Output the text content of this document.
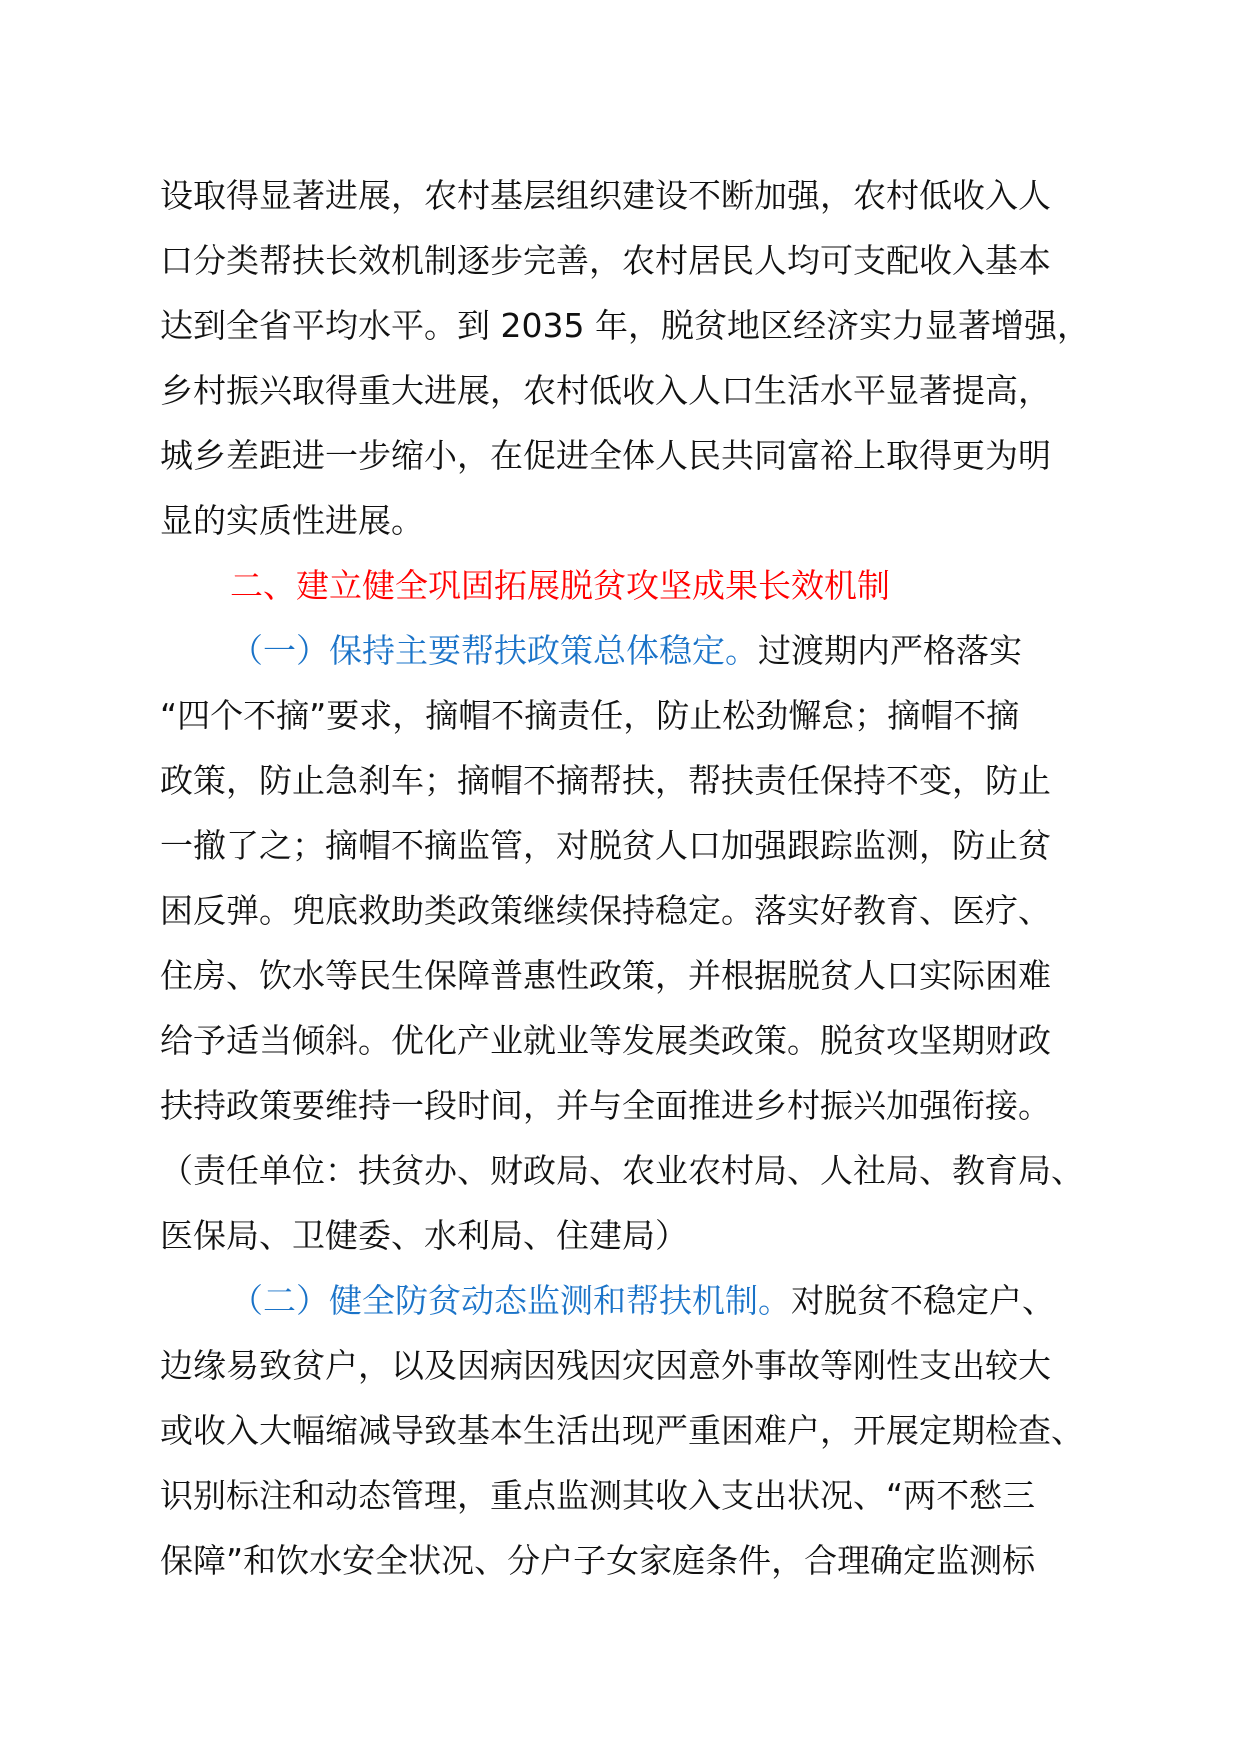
设取得显著进展，农村基层组织建设不断加强，农村低收入人
口分类帮扶长效机制逐步完善，农村居民人均可支配收入基本
达到全省平均水平。到 2035 年，脱贫地区经济实力显著增强，
乡村振兴取得重大进展，农村低收入人口生活水平显著提高，
城乡差距进一步缩小，在促进全体人民共同富裕上取得更为明
显的实质性进展。
二、建立健全巩固拓展脱贫攻坚成果长效机制
（一）保持主要帮扶政策总体稳定。过渡期内严格落实
“四个不摘”要求，摘帽不摘责任，防止松劲懈怠；摘帽不摘
政策，防止急刹车；摘帽不摘帮扶，帮扶责任保持不变，防止
一撤了之；摘帽不摘监管，对脱贫人口加强跟踪监测，防止贫
困反弹。兜底救助类政策继续保持稳定。落实好教育、医疗、
住房、饮水等民生保障普惠性政策，并根据脱贫人口实际困难
给予适当倾斜。优化产业就业等发展类政策。脱贫攻坚期财政
扶持政策要维持一段时间，并与全面推进乡村振兴加强衔接。
（责任单位：扶贫办、财政局、农业农村局、人社局、教育局、
医保局、卫健委、水利局、住建局）
（二）健全防贫动态监测和帮扶机制。对脱贫不稳定户、
边缘易致贫户，以及因病因残因灾因意外事故等刚性支出较大
或收入大幅缩减导致基本生活出现严重困难户，开展定期检查、
识别标注和动态管理，重点监测其收入支出状况、“两不愁三
保障”和饮水安全状况、分户子女家庭条件，合理确定监测标
